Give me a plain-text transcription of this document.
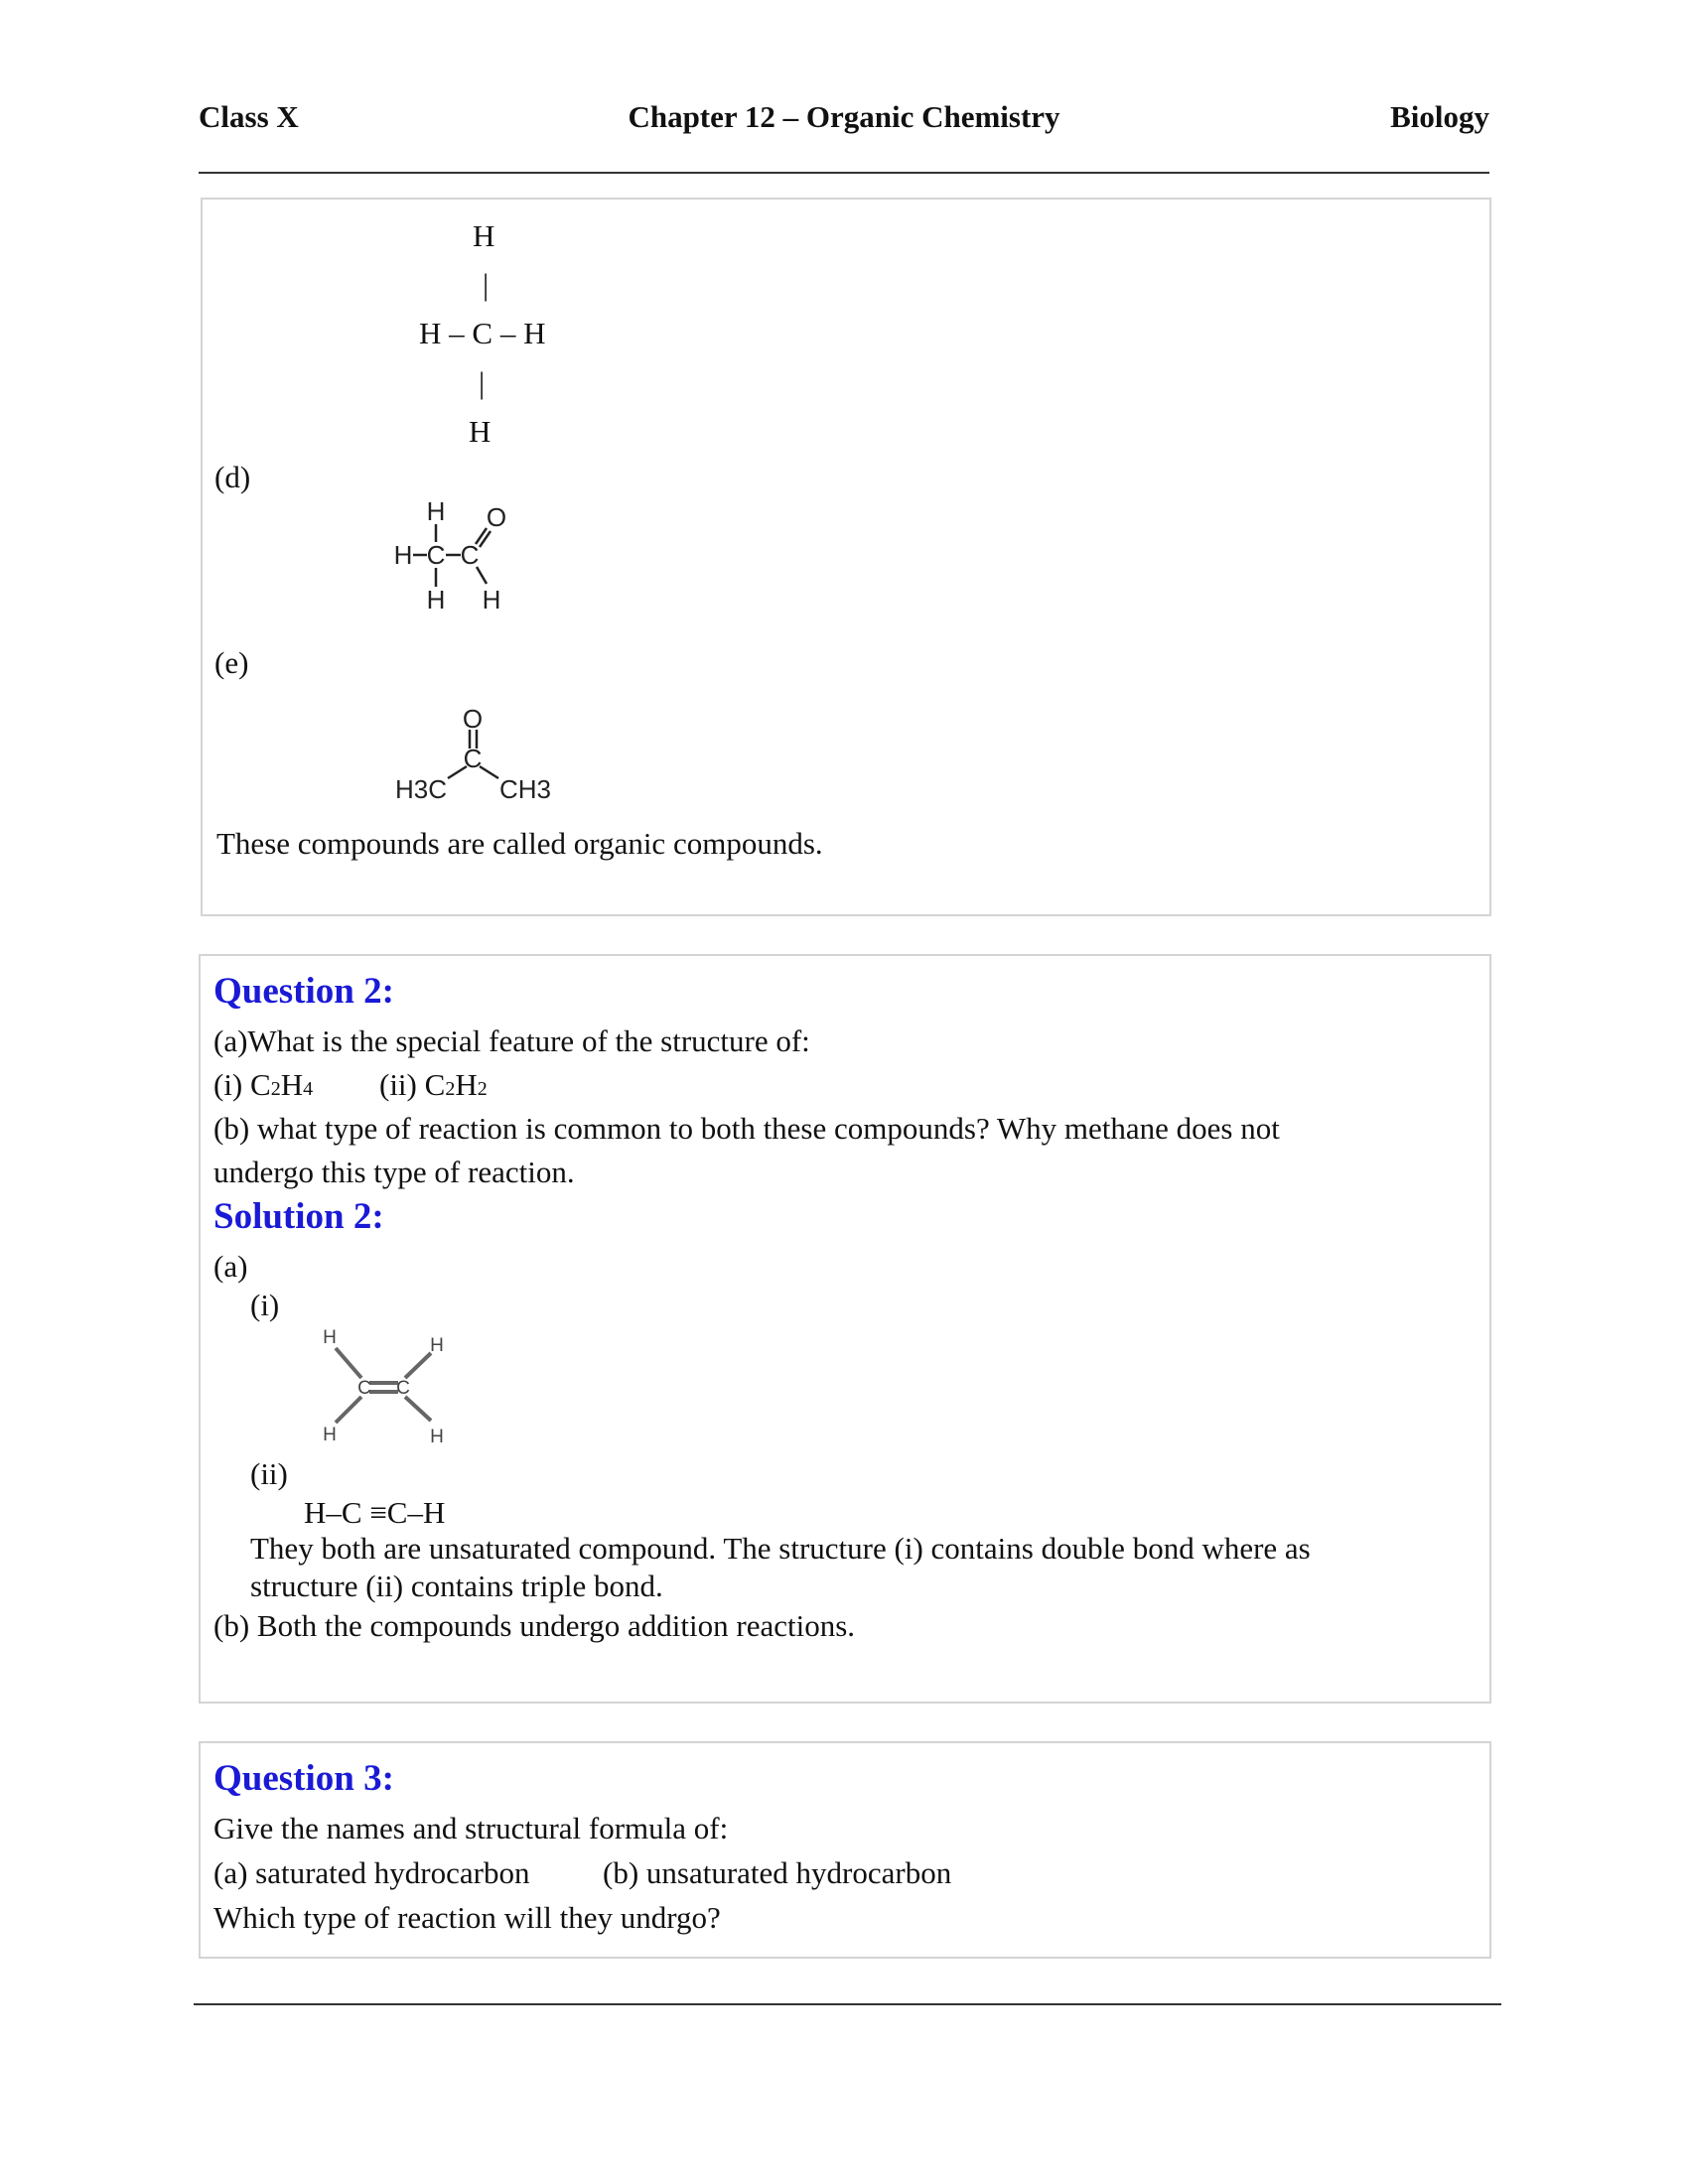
Class X	Chapter 12 – Organic Chemistry	Biology
H
|
H – C – H
|
H
(d)
H
H
C C
O
H
H
(e)
O
C
H3C CH3
These compounds are called organic compounds.
Question 2:
(a)What is the special feature of the structure of:
(i) C2H4 (ii) C2H2
(b) what type of reaction is common to both these compounds? Why methane does not
undergo this type of reaction.
Solution 2:
(a)
(i)
H
H
C C
H
H
(ii)
H–C ≡C–H
They both are unsaturated compound. The structure (i) contains double bond where as
structure (ii) contains triple bond.
(b) Both the compounds undergo addition reactions.
Question 3:
Give the names and structural formula of:
(a) saturated hydrocarbon (b) unsaturated hydrocarbon
Which type of reaction will they undrgo?
